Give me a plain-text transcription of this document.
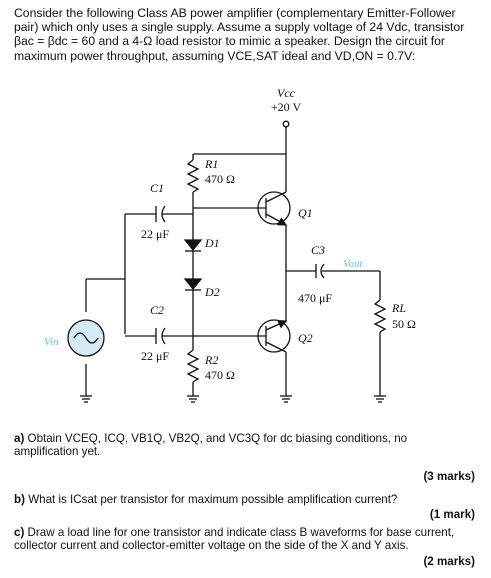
Consider the following Class AB power amplifier (complementary Emitter-Follower pair) which only uses a single supply. Assume a supply voltage of 24 Vdc, transistor βac = βdc = 60 and a 4-Ω load resistor to mimic a speaker. Design the circuit for maximum power throughput, assuming VCE,SAT ideal and VD,ON = 0.7V:

Vcc
+20 V
R1
470 Ω
C1
22 μF
D1
D2
Q1
C3
Vout
470 μF
C2
Q2
RL
50 Ω
22 μF	R2
470 Ω
Vin
a) Obtain VCEQ, ICQ, VB1Q, VB2Q, and VC3Q for dc biasing conditions, no amplification yet.
(3 marks)
b) What is ICsat per transistor for maximum possible amplification current?
(1 mark)
c) Draw a load line for one transistor and indicate class B waveforms for base current, collector current and collector-emitter voltage on the side of the X and Y axis.
(2 marks)
